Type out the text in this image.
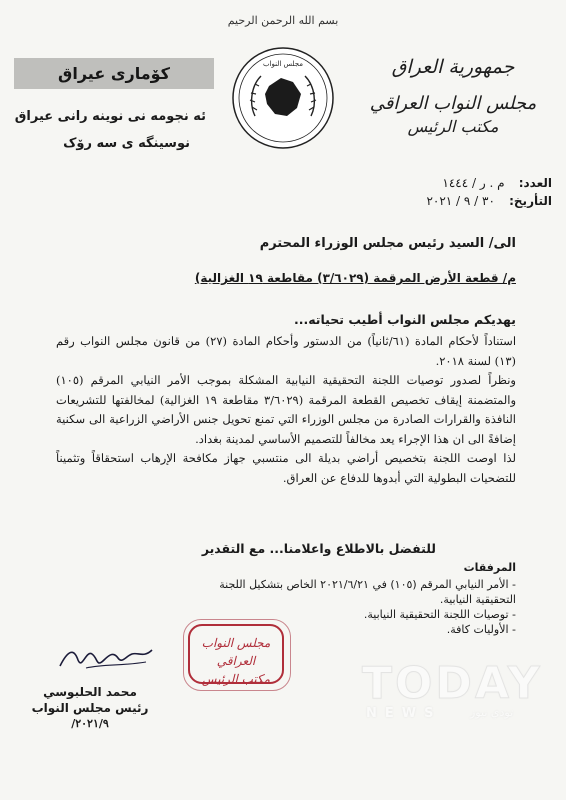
بسم الله الرحمن الرحيم
جمهورية العراق
مجلس النواب العراقي
مكتب الرئيس
مجلس النواب
كۆماری عیراق
ئه نجومه نی نوینه رانی عیراق
نوسینگه ی سه رۆک
العدد: م . ر / ١٤٤٤
التأريخ: ٣٠ / ٩ / ٢٠٢١
الى/ السيد رئيس مجلس الوزراء المحترم
م/ قطعة الأرض المرقمة (٣/٦٠٢٩) مقاطعة ١٩ الغزالية)
يهديكم مجلس النواب أطيب تحياته...

استناداً لأحكام المادة (٦١/ثانياً) من الدستور وأحكام المادة (٢٧) من قانون مجلس النواب رقم (١٣) لسنة ٢٠١٨.

ونظراً لصدور توصيات اللجنة التحقيقية النيابية المشكلة بموجب الأمر النيابي المرقم (١٠٥) والمتضمنة إيقاف تخصيص القطعة المرقمة (٣/٦٠٢٩ مقاطعة ١٩ الغزالية) لمخالفتها للتشريعات النافذة والقرارات الصادرة من مجلس الوزراء التي تمنع تحويل جنس الأراضي الزراعية الى سكنية إضافةً الى ان هذا الإجراء يعد مخالفاً للتصميم الأساسي لمدينة بغداد.

لذا اوصت اللجنة بتخصيص أراضي بديلة الى منتسبي جهاز مكافحة الإرهاب استحقاقاً وتثميناً للتضحيات البطولية التي أبدوها للدفاع عن العراق.

للتفضل بالاطلاع واعلامنا... مع التقدير
المرفقات
- الأمر النيابي المرقم (١٠٥) في ٢٠٢١/٦/٢١ الخاص بتشكيل اللجنة التحقيقية النيابية.
- توصيات اللجنة التحقيقية النيابية.
- الأوليات كافة.
مجلس النواب العراقي
مكتب الرئيس
محمد الحلبوسي
رئيس مجلس النواب
٢٠٢١/٩/
TODAY
NEWS	تودي نيوز
